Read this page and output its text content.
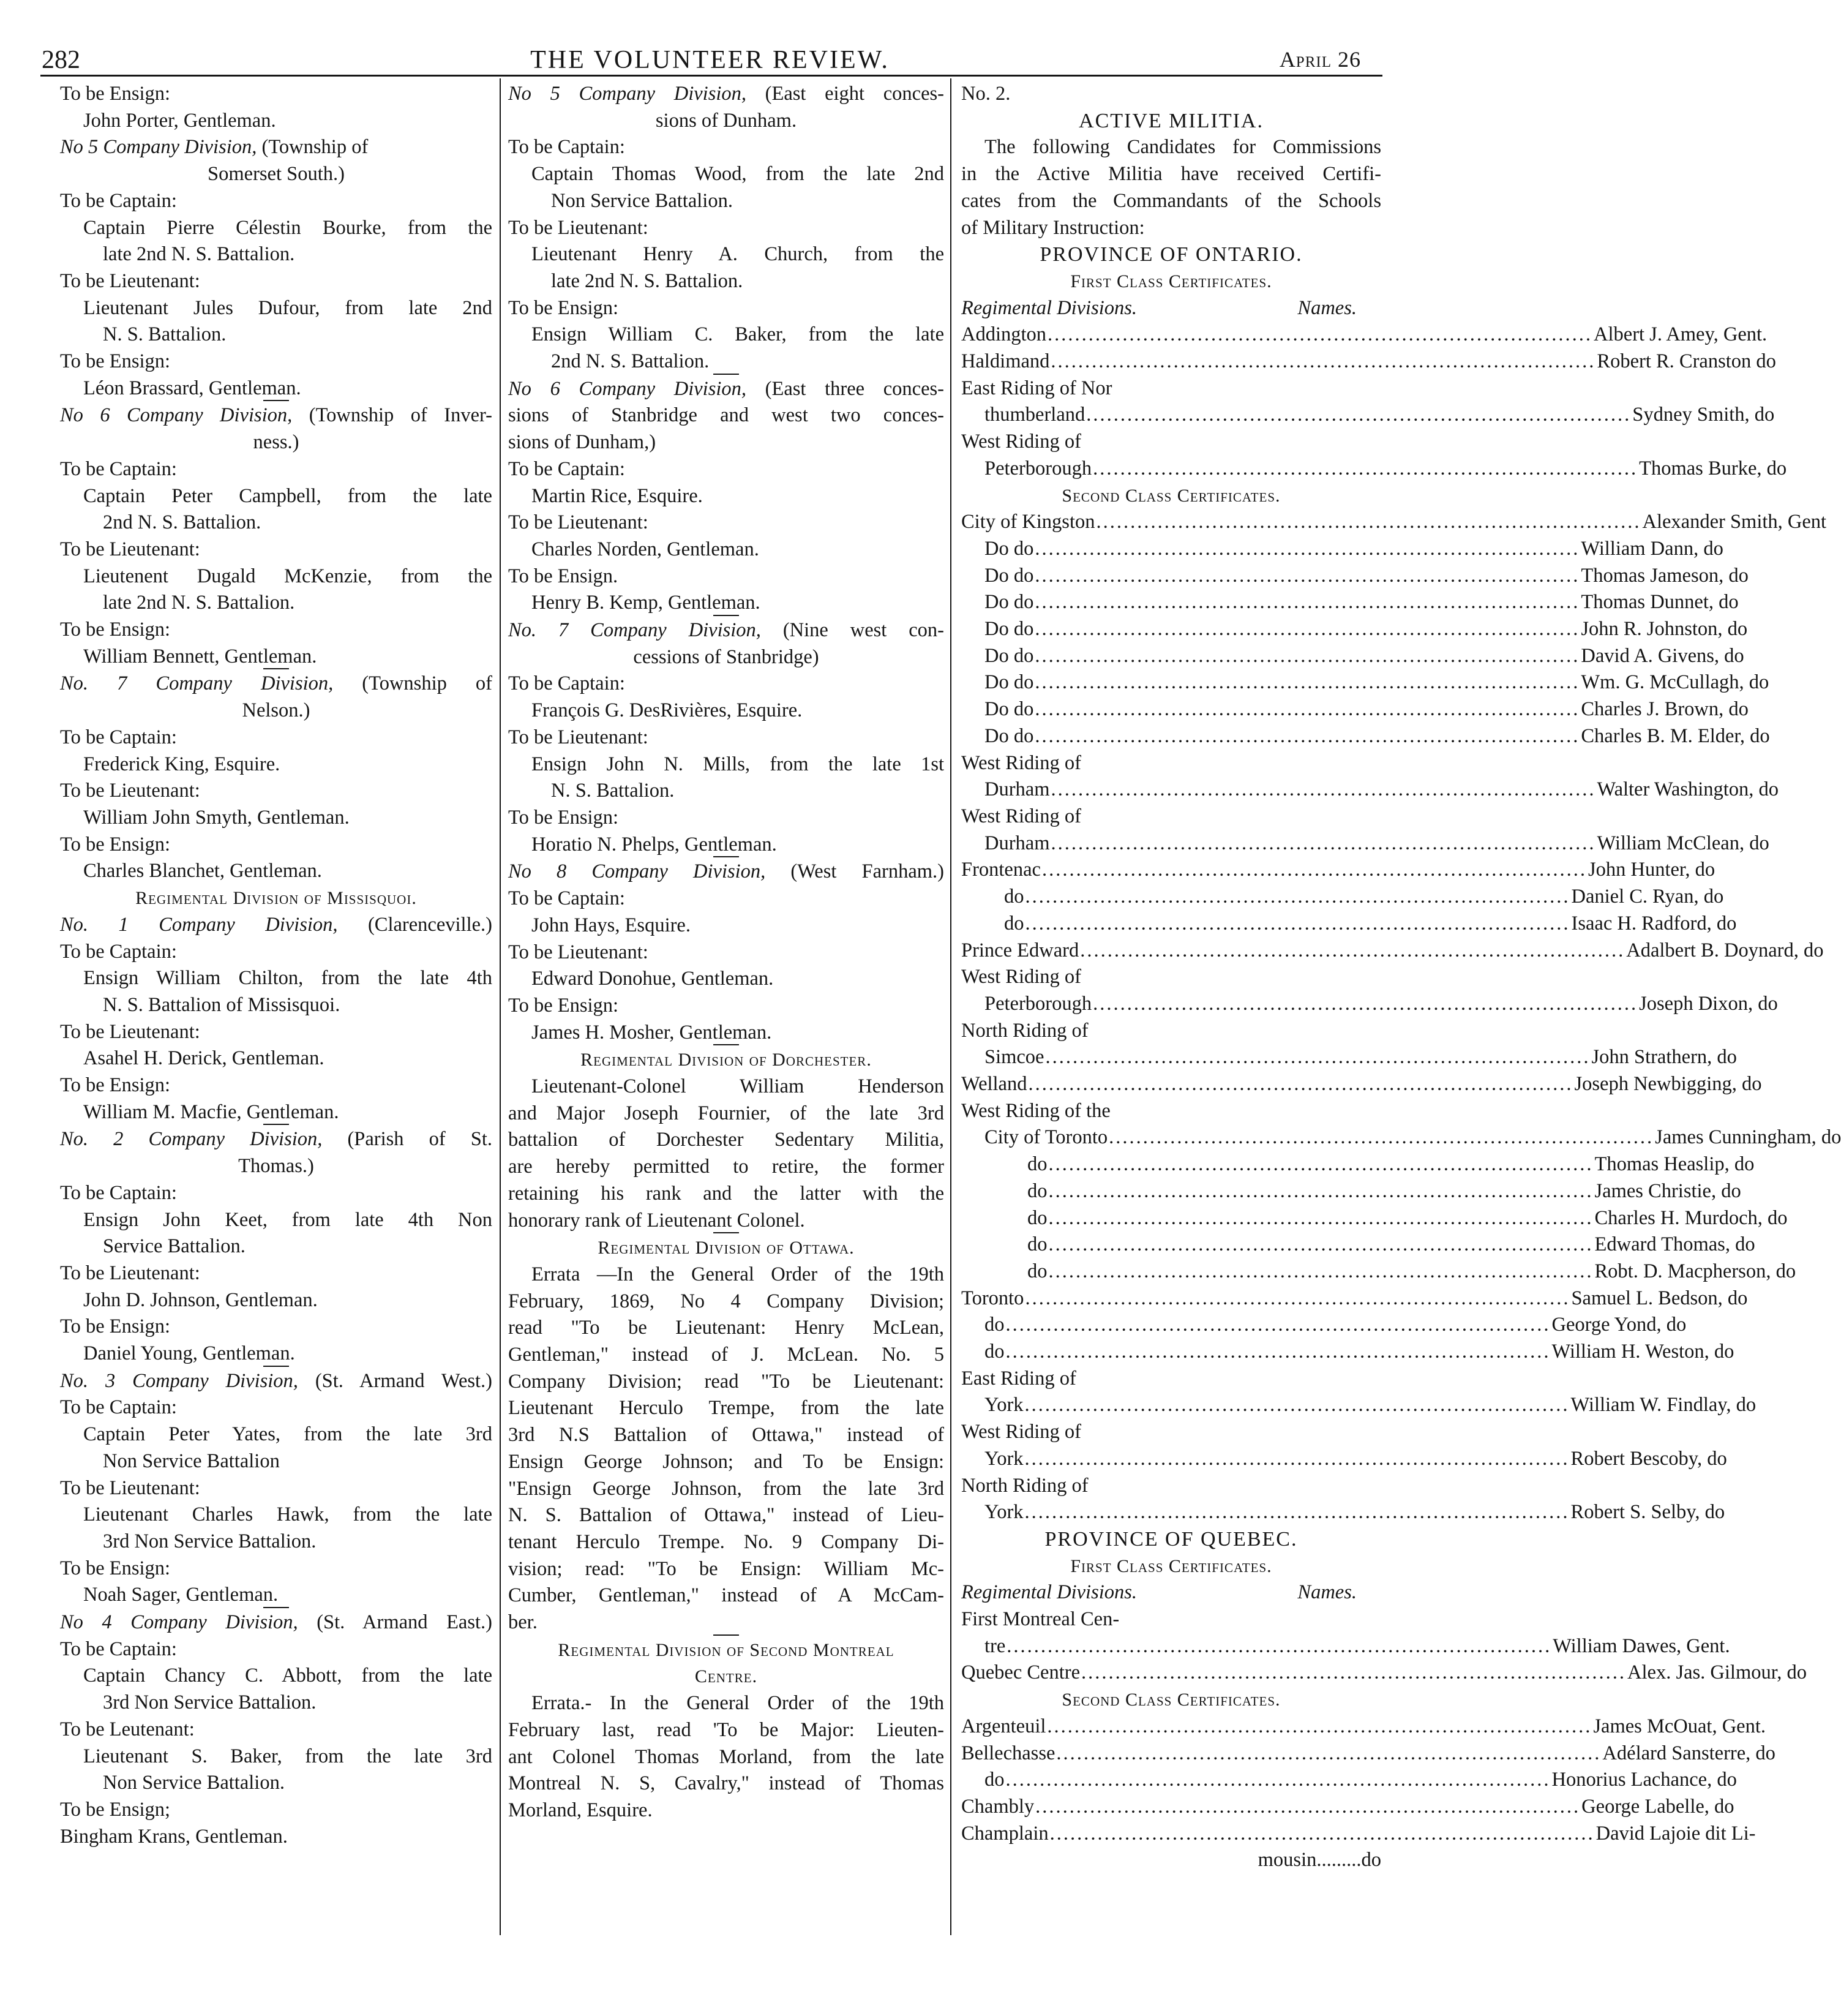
282	THE VOLUNTEER REVIEW.	April 26
To be Ensign:
John Porter, Gentleman.
No 5 Company Division, (Township of
Somerset South.)
To be Captain:
Captain Pierre Célestin Bourke, from the
late 2nd N. S. Battalion.
To be Lieutenant:
Lieutenant Jules Dufour, from late 2nd
N. S. Battalion.
To be Ensign:
Léon Brassard, Gentleman.
No 6 Company Division, (Township of Inver-
ness.)
To be Captain:
Captain Peter Campbell, from the late
2nd N. S. Battalion.
To be Lieutenant:
Lieutenent Dugald McKenzie, from the
late 2nd N. S. Battalion.
To be Ensign:
William Bennett, Gentleman.
No. 7 Company Division, (Township of
Nelson.)
To be Captain:
Frederick King, Esquire.
To be Lieutenant:
William John Smyth, Gentleman.
To be Ensign:
Charles Blanchet, Gentleman.
Regimental Division of Missisquoi.
No. 1 Company Division, (Clarenceville.)
To be Captain:
Ensign William Chilton, from the late 4th
N. S. Battalion of Missisquoi.
To be Lieutenant:
Asahel H. Derick, Gentleman.
To be Ensign:
William M. Macfie, Gentleman.
No. 2 Company Division, (Parish of St.
Thomas.)
To be Captain:
Ensign John Keet, from late 4th Non
Service Battalion.
To be Lieutenant:
John D. Johnson, Gentleman.
To be Ensign:
Daniel Young, Gentleman.
No. 3 Company Division, (St. Armand West.)
To be Captain:
Captain Peter Yates, from the late 3rd
Non Service Battalion
To be Lieutenant:
Lieutenant Charles Hawk, from the late
3rd Non Service Battalion.
To be Ensign:
Noah Sager, Gentleman.
No 4 Company Division, (St. Armand East.)
To be Captain:
Captain Chancy C. Abbott, from the late
3rd Non Service Battalion.
To be Leutenant:
Lieutenant S. Baker, from the late 3rd
Non Service Battalion.
To be Ensign;
Bingham Krans, Gentleman.
No 5 Company Division, (East eight conces-
sions of Dunham.
To be Captain:
Captain Thomas Wood, from the late 2nd
Non Service Battalion.
To be Lieutenant:
Lieutenant Henry A. Church, from the
late 2nd N. S. Battalion.
To be Ensign:
Ensign William C. Baker, from the late
2nd N. S. Battalion.
No 6 Company Division, (East three conces-
sions of Stanbridge and west two conces-
sions of Dunham,)
To be Captain:
Martin Rice, Esquire.
To be Lieutenant:
Charles Norden, Gentleman.
To be Ensign.
Henry B. Kemp, Gentleman.
No. 7 Company Division, (Nine west con-
cessions of Stanbridge)
To be Captain:
François G. DesRivières, Esquire.
To be Lieutenant:
Ensign John N. Mills, from the late 1st
N. S. Battalion.
To be Ensign:
Horatio N. Phelps, Gentleman.
No 8 Company Division, (West Farnham.)
To be Captain:
John Hays, Esquire.
To be Lieutenant:
Edward Donohue, Gentleman.
To be Ensign:
James H. Mosher, Gentleman.
Regimental Division of Dorchester.
Lieutenant-Colonel William Henderson
and Major Joseph Fournier, of the late 3rd
battalion of Dorchester Sedentary Militia,
are hereby permitted to retire, the former
retaining his rank and the latter with the
honorary rank of Lieutenant Colonel.
Regimental Division of Ottawa.
Errata —In the General Order of the 19th
February, 1869, No 4 Company Division;
read "To be Lieutenant: Henry McLean,
Gentleman," instead of J. McLean. No. 5
Company Division; read "To be Lieutenant:
Lieutenant Herculo Trempe, from the late
3rd N.S Battalion of Ottawa," instead of
Ensign George Johnson; and To be Ensign:
"Ensign George Johnson, from the late 3rd
N. S. Battalion of Ottawa," instead of Lieu-
tenant Herculo Trempe. No. 9 Company Di-
vision; read: "To be Ensign: William Mc-
Cumber, Gentleman," instead of A McCam-
ber.
Regimental Division of Second Montreal
Centre.
Errata.- In the General Order of the 19th
February last, read 'To be Major: Lieuten-
ant Colonel Thomas Morland, from the late
Montreal N. S, Cavalry," instead of Thomas
Morland, Esquire.
No. 2.
ACTIVE MILITIA.
The following Candidates for Commissions
in the Active Militia have received Certifi-
cates from the Commandants of the Schools
of Military Instruction:
PROVINCE OF ONTARIO.
First Class Certificates.
Regimental Divisions.	Names.
Addington ................................................................................ Albert J. Amey, Gent.
Haldimand ................................................................................ Robert R. Cranston do
East Riding of Nor
thumberland ................................................................................ Sydney Smith, do
West Riding of
Peterborough ................................................................................ Thomas Burke, do
Second Class Certificates.
City of Kingston ................................................................................ Alexander Smith, Gent
Do do ................................................................................ William Dann, do
Do do ................................................................................ Thomas Jameson, do
Do do ................................................................................ Thomas Dunnet, do
Do do ................................................................................ John R. Johnston, do
Do do ................................................................................ David A. Givens, do
Do do ................................................................................ Wm. G. McCullagh, do
Do do ................................................................................ Charles J. Brown, do
Do do ................................................................................ Charles B. M. Elder, do
West Riding of
Durham ................................................................................ Walter Washington, do
West Riding of
Durham ................................................................................ William McClean, do
Frontenac ................................................................................ John Hunter, do
do ................................................................................ Daniel C. Ryan, do
do ................................................................................ Isaac H. Radford, do
Prince Edward ................................................................................ Adalbert B. Doynard, do
West Riding of
Peterborough ................................................................................ Joseph Dixon, do
North Riding of
Simcoe ................................................................................ John Strathern, do
Welland ................................................................................ Joseph Newbigging, do
West Riding of the
City of Toronto ................................................................................ James Cunningham, do
do ................................................................................ Thomas Heaslip, do
do ................................................................................ James Christie, do
do ................................................................................ Charles H. Murdoch, do
do ................................................................................ Edward Thomas, do
do ................................................................................ Robt. D. Macpherson, do
Toronto ................................................................................ Samuel L. Bedson, do
do ................................................................................ George Yond, do
do ................................................................................ William H. Weston, do
East Riding of
York ................................................................................ William W. Findlay, do
West Riding of
York ................................................................................ Robert Bescoby, do
North Riding of
York ................................................................................ Robert S. Selby, do
PROVINCE OF QUEBEC.
First Class Certificates.
Regimental Divisions.	Names.
First Montreal Cen-
tre ................................................................................ William Dawes, Gent.
Quebec Centre ................................................................................ Alex. Jas. Gilmour, do
Second Class Certificates.
Argenteuil ................................................................................ James McOuat, Gent.
Bellechasse ................................................................................ Adélard Sansterre, do
do ................................................................................ Honorius Lachance, do
Chambly ................................................................................ George Labelle, do
Champlain ................................................................................ David Lajoie dit Li-
mousin.........do
